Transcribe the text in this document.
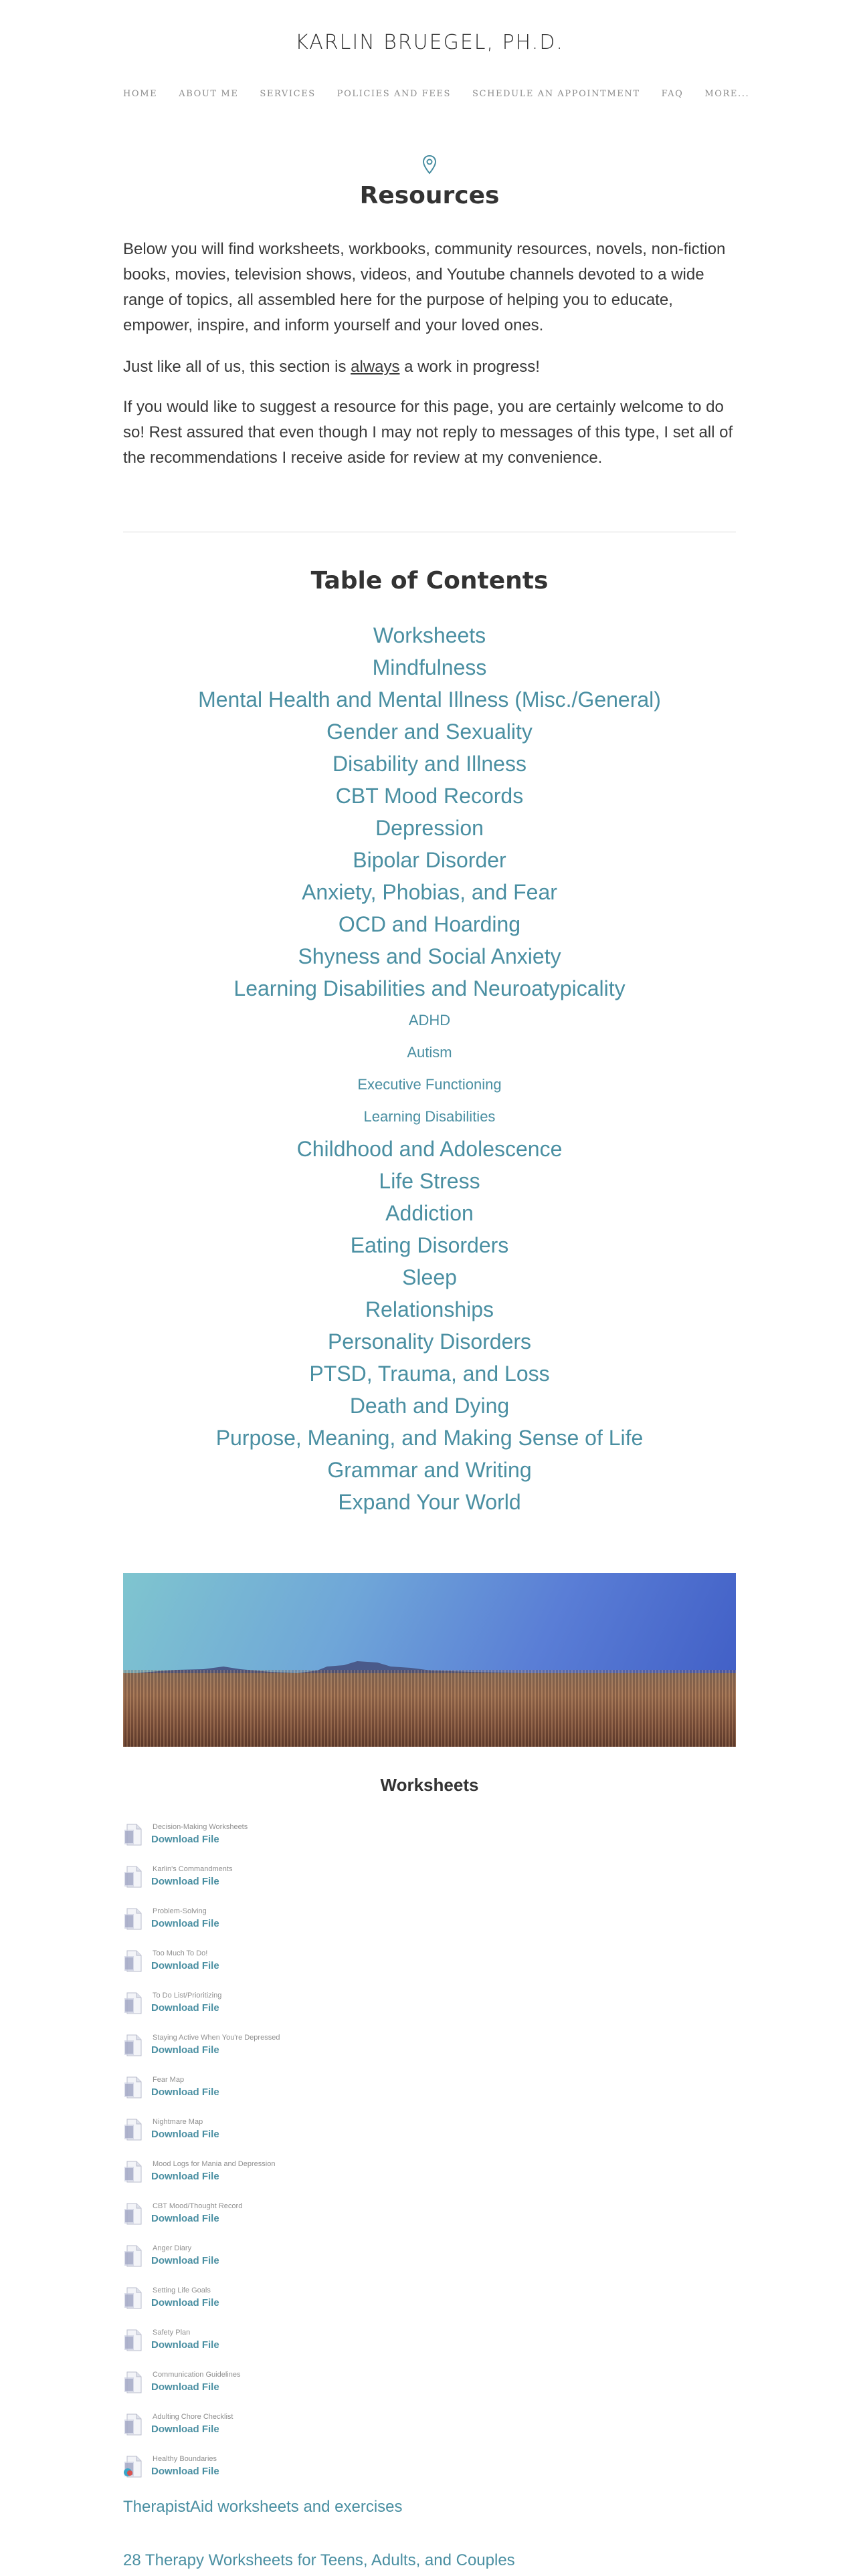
KARLIN BRUEGEL, PH.D.
HOME ABOUT ME SERVICES POLICIES AND FEES SCHEDULE AN APPOINTMENT FAQ MORE...
Resources

Below you will find worksheets, workbooks, community resources, novels, non-fiction books, movies, television shows, videos, and Youtube channels devoted to a wide range of topics, all assembled here for the purpose of helping you to educate, empower, inspire, and inform yourself and your loved ones.

Just like all of us, this section is always a work in progress!

If you would like to suggest a resource for this page, you are certainly welcome to do so! Rest assured that even though I may not reply to messages of this type, I set all of the recommendations I receive aside for review at my convenience.

Table of Contents
Worksheets
Mindfulness
Mental Health and Mental Illness (Misc./General)
Gender and Sexuality
Disability and Illness
CBT Mood Records
Depression
Bipolar Disorder
Anxiety, Phobias, and Fear
OCD and Hoarding
Shyness and Social Anxiety
Learning Disabilities and Neuroatypicality
ADHD
Autism
Executive Functioning
Learning Disabilities
Childhood and Adolescence
Life Stress
Addiction
Eating Disorders
Sleep
Relationships
Personality Disorders
PTSD, Trauma, and Loss
Death and Dying
Purpose, Meaning, and Making Sense of Life
Grammar and Writing
Expand Your World
Worksheets
Decision-Making Worksheets
Download File
Karlin's Commandments
Download File
Problem-Solving
Download File
Too Much To Do!
Download File
To Do List/Prioritizing
Download File
Staying Active When You're Depressed
Download File
Fear Map
Download File
Nightmare Map
Download File
Mood Logs for Mania and Depression
Download File
CBT Mood/Thought Record
Download File
Anger Diary
Download File
Setting Life Goals
Download File
Safety Plan
Download File
Communication Guidelines
Download File
Adulting Chore Checklist
Download File
Healthy Boundaries
Download File
TherapistAid worksheets and exercises
28 Therapy Worksheets for Teens, Adults, and Couples
